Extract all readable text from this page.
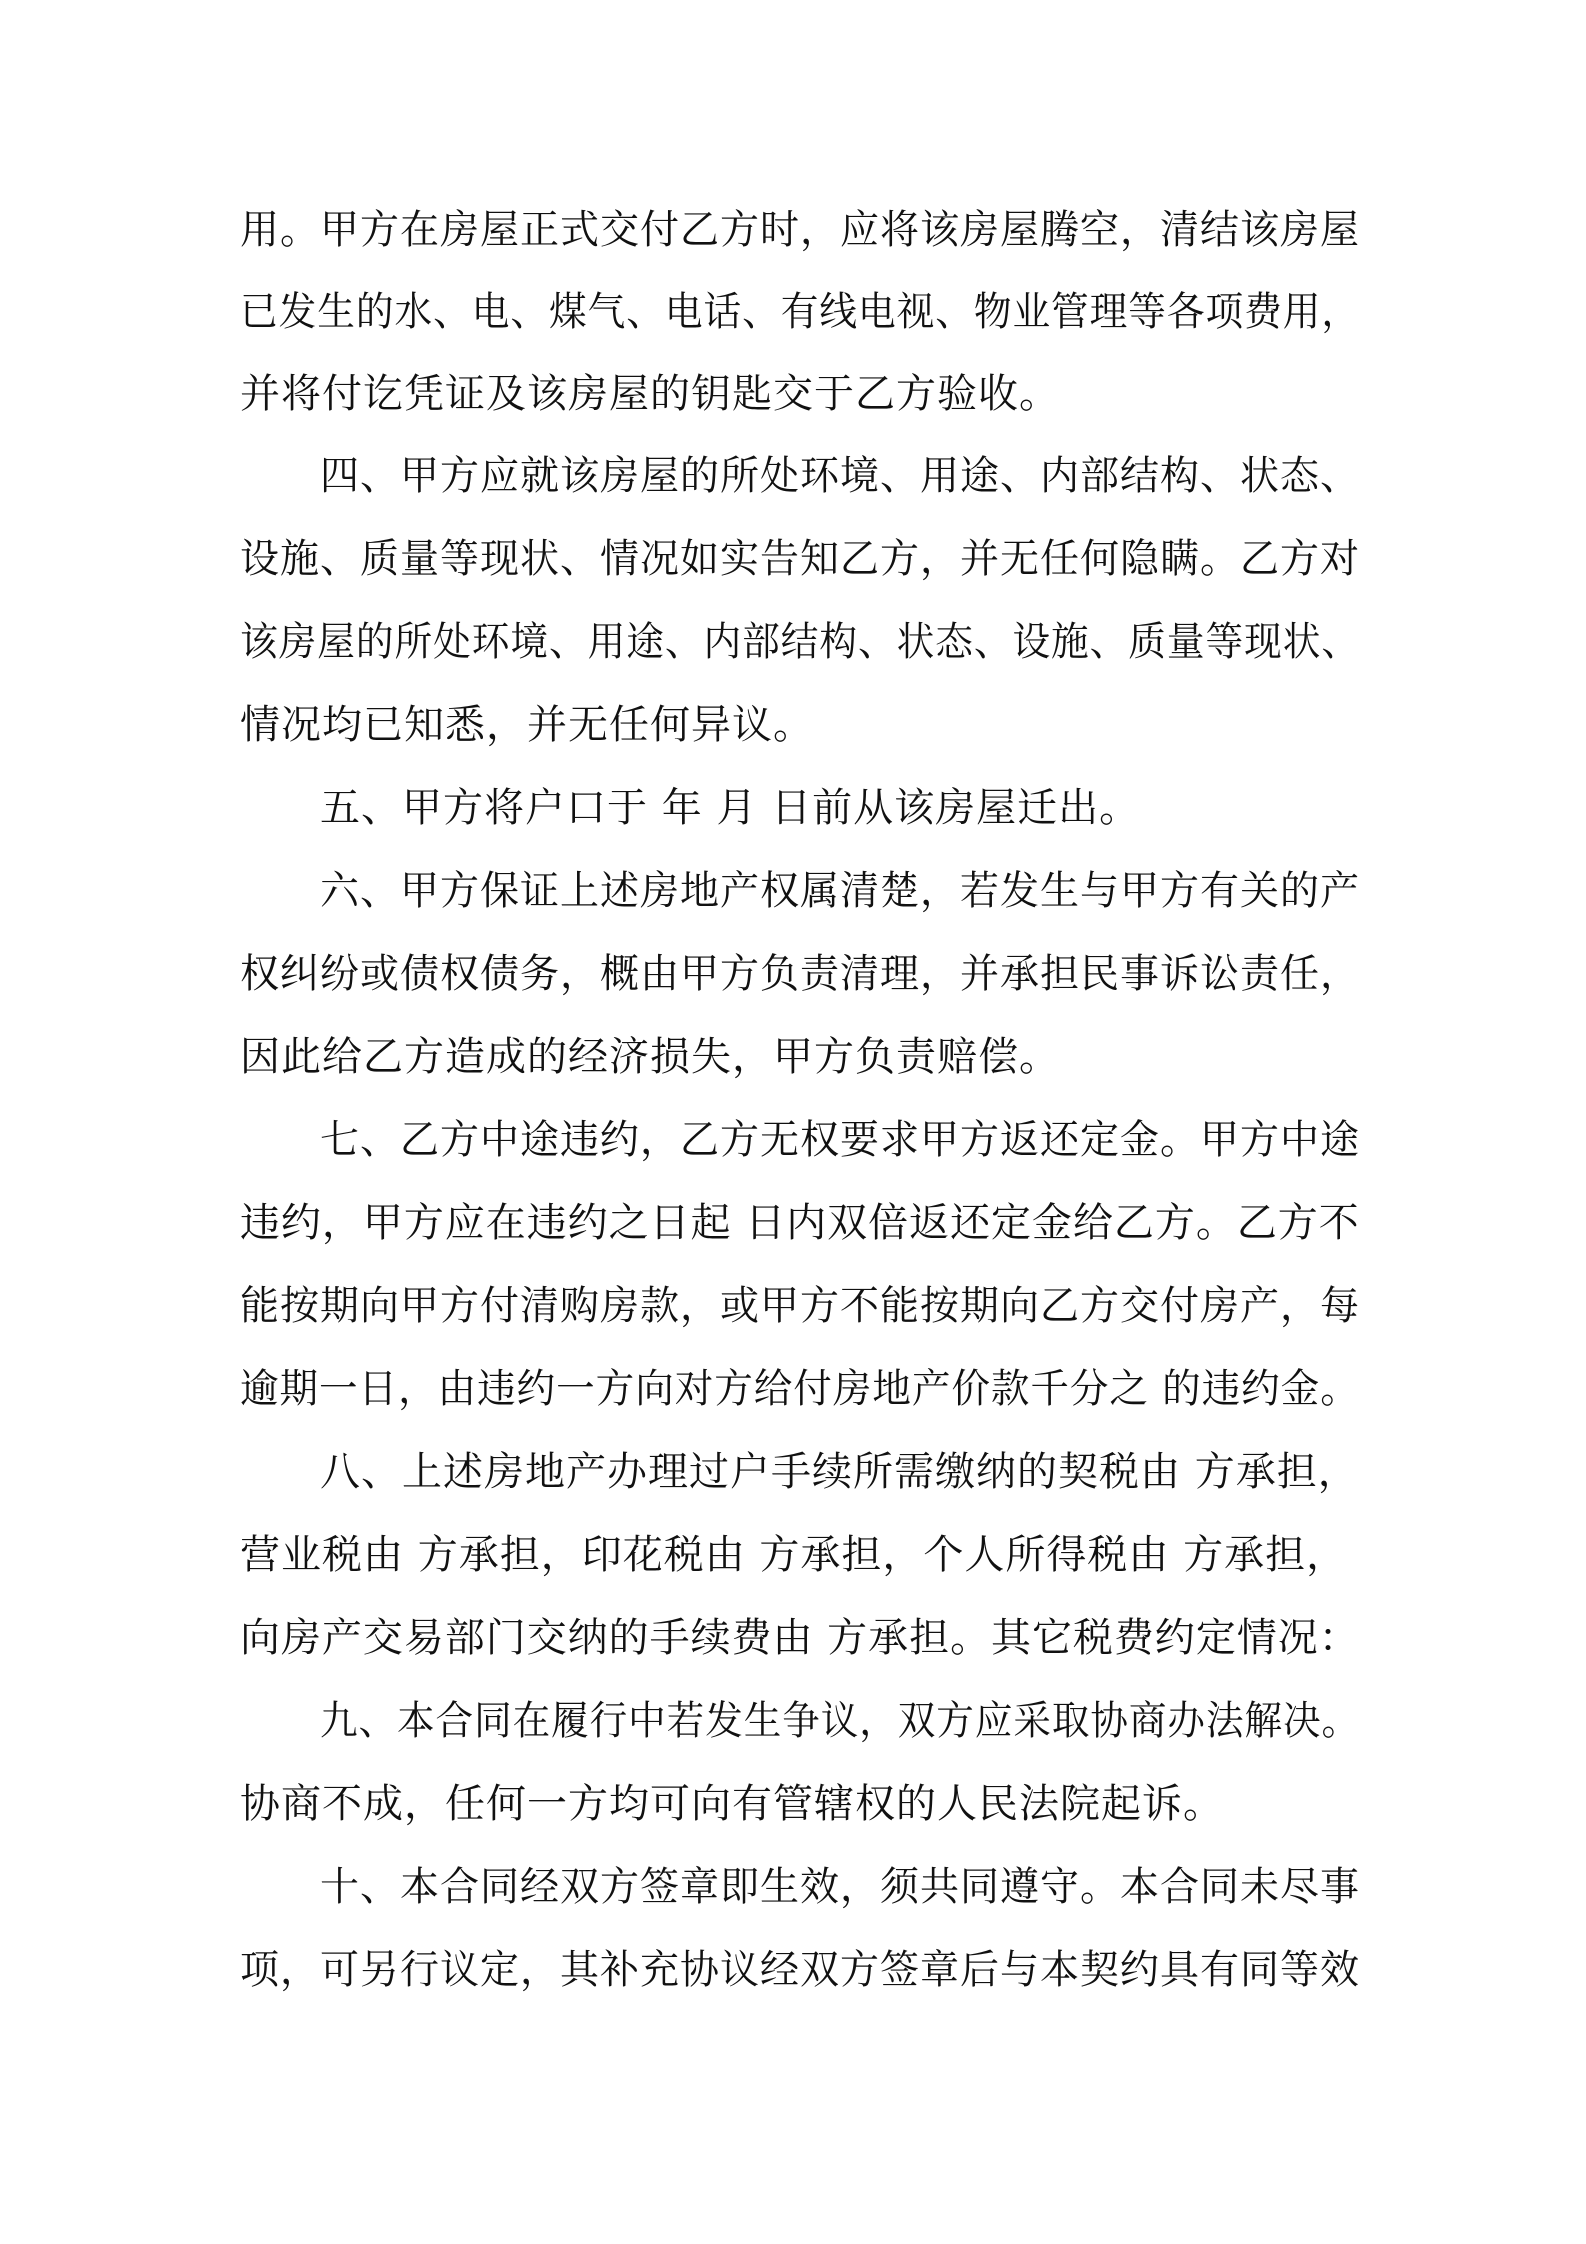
用。甲方在房屋正式交付乙方时，应将该房屋腾空，清结该房屋
已发生的水、电、煤气、电话、有线电视、物业管理等各项费用，
并将付讫凭证及该房屋的钥匙交于乙方验收。
四、甲方应就该房屋的所处环境、用途、内部结构、状态、
设施、质量等现状、情况如实告知乙方，并无任何隐瞒。乙方对
该房屋的所处环境、用途、内部结构、状态、设施、质量等现状、
情况均已知悉，并无任何异议。
五、甲方将户口于 年 月 日前从该房屋迁出。
六、甲方保证上述房地产权属清楚，若发生与甲方有关的产
权纠纷或债权债务，概由甲方负责清理，并承担民事诉讼责任，
因此给乙方造成的经济损失，甲方负责赔偿。
七、乙方中途违约，乙方无权要求甲方返还定金。甲方中途
违约，甲方应在违约之日起 日内双倍返还定金给乙方。乙方不
能按期向甲方付清购房款，或甲方不能按期向乙方交付房产，每
逾期一日，由违约一方向对方给付房地产价款千分之 的违约金。
八、上述房地产办理过户手续所需缴纳的契税由 方承担，
营业税由 方承担，印花税由 方承担，个人所得税由 方承担，
向房产交易部门交纳的手续费由 方承担。其它税费约定情况：
九、本合同在履行中若发生争议，双方应采取协商办法解决。
协商不成，任何一方均可向有管辖权的人民法院起诉。
十、本合同经双方签章即生效，须共同遵守。本合同未尽事
项，可另行议定，其补充协议经双方签章后与本契约具有同等效
